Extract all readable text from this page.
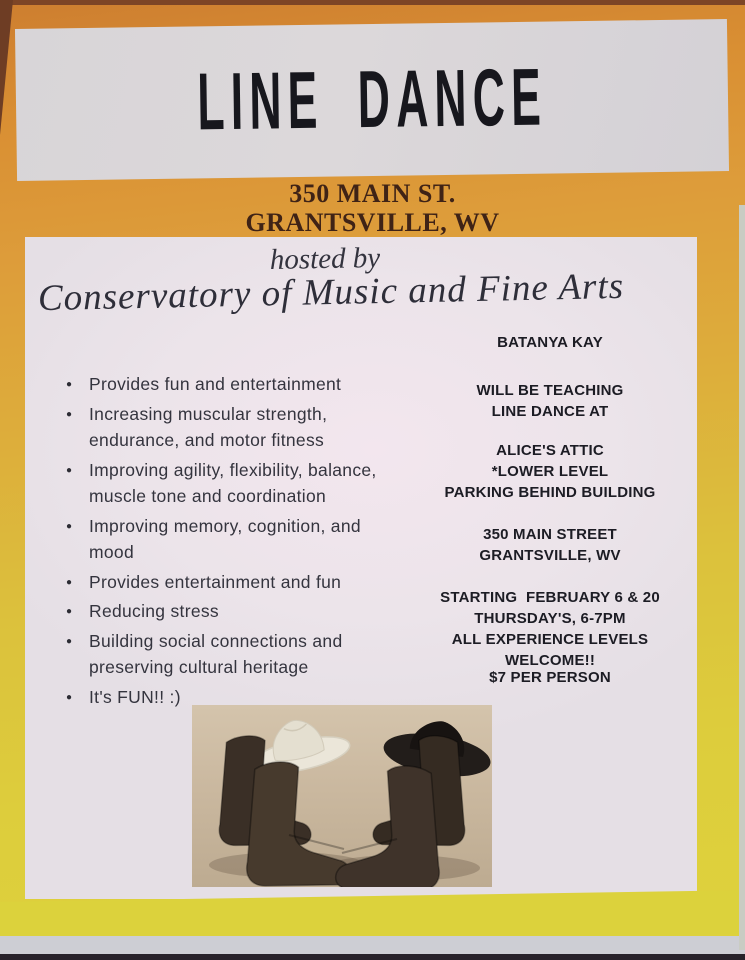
LINE DANCE
350 MAIN ST.
GRANTSVILLE, WV
hosted by
Conservatory of Music and Fine Arts
● Provides fun and entertainment
● Increasing muscular strength,
endurance, and motor fitness
● Improving agility, flexibility, balance,
muscle tone and coordination
● Improving memory, cognition, and
mood
● Provides entertainment and fun
● Reducing stress
● Building social connections and
preserving cultural heritage
● It's FUN!! :)
BATANYA KAY
WILL BE TEACHING
LINE DANCE AT
ALICE'S ATTIC
*LOWER LEVEL
PARKING BEHIND BUILDING
350 MAIN STREET
GRANTSVILLE, WV
STARTING  FEBRUARY 6 & 20
THURSDAY'S, 6-7PM
ALL EXPERIENCE LEVELS WELCOME!!
$7 PER PERSON
